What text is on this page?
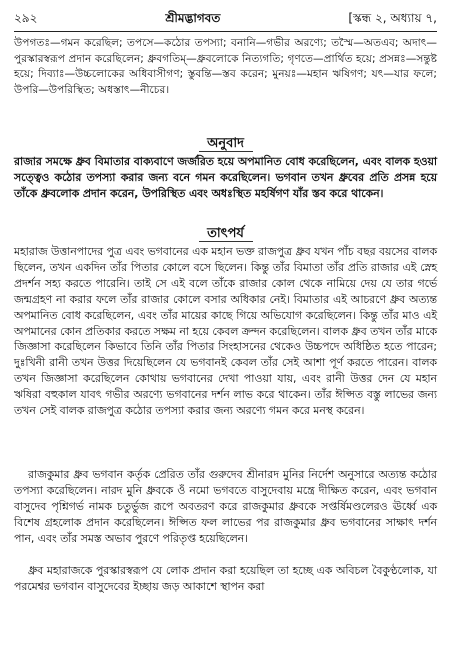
২৯২	শ্রীমদ্ভাগবত	[স্কন্ধ ২, অধ্যায় ৭,
উপগতঃ—গমন করেছিল; তপসে—কঠোর তপস্যা; বনানি—গভীর অরণ্যে; তস্মৈ—অতএব; অদাৎ—পুরস্কারস্বরূপ প্রদান করেছিলেন; ধ্রুবগতিম্—ধ্রুবলোকে নিত্যগতি; গৃণতে—প্রার্থিত হয়ে; প্রসন্নঃ—সন্তুষ্ট হয়ে; দিব্যাঃ—উচ্চলোকের অধিবাসীগণ; স্তুবন্তি—স্তব করেন; মুনয়ঃ—মহান ঋষিগণ; যৎ—যার ফলে; উপরি—উপরিস্থিত; অধস্তাৎ—নীচের।
অনুবাদ
রাজার সমক্ষে ধ্রুব বিমাতার বাক্যবাণে জর্জরিত হয়ে অপমানিত বোধ করেছিলেন, এবং বালক হওয়া সত্ত্বেও কঠোর তপস্যা করার জন্য বনে গমন করেছিলেন। ভগবান তখন ধ্রুবের প্রতি প্রসন্ন হয়ে তাঁকে ধ্রুবলোক প্রদান করেন, উপরিস্থিত এবং অধঃস্থিত মহর্ষিগণ যাঁর স্তব করে থাকেন।
তাৎপর্য

মহারাজ উত্তানপাদের পুত্র এবং ভগবানের এক মহান ভক্ত রাজপুত্র ধ্রুব যখন পাঁচ বছর বয়সের বালক ছিলেন, তখন একদিন তাঁর পিতার কোলে বসে ছিলেন। কিন্তু তাঁর বিমাতা তাঁর প্রতি রাজার এই স্নেহ প্রদর্শন সহ্য করতে পারেনি। তাই সে এই বলে তাঁকে রাজার কোল থেকে নামিয়ে দেয় যে তার গর্ভে জন্মগ্রহণ না করার ফলে তাঁর রাজার কোলে বসার অধিকার নেই। বিমাতার এই আচরণে ধ্রুব অত্যন্ত অপমানিত বোধ করেছিলেন, এবং তাঁর মায়ের কাছে গিয়ে অভিযোগ করেছিলেন। কিন্তু তাঁর মাও এই অপমানের কোন প্রতিকার করতে সক্ষম না হয়ে কেবল ক্রন্দন করেছিলেন। বালক ধ্রুব তখন তাঁর মাকে জিজ্ঞাসা করেছিলেন কিভাবে তিনি তাঁর পিতার সিংহাসনের থেকেও উচ্চপদে অধিষ্ঠিত হতে পারেন; দুঃখিনী রানী তখন উত্তর দিয়েছিলেন যে ভগবানই কেবল তাঁর সেই আশা পূর্ণ করতে পারেন। বালক তখন জিজ্ঞাসা করেছিলেন কোথায় ভগবানের দেখা পাওয়া যায়, এবং রানী উত্তর দেন যে মহান ঋষিরা বহুকাল যাবৎ গভীর অরণ্যে ভগবানের দর্শন লাভ করে থাকেন। তাঁর ঈপ্সিত বস্তু লাভের জন্য তখন সেই বালক রাজপুত্র কঠোর তপস্যা করার জন্য অরণ্যে গমন করে মনস্থ করেন।

রাজকুমার ধ্রুব ভগবান কর্তৃক প্রেরিত তাঁর গুরুদেব শ্রীনারদ মুনির নির্দেশ অনুসারে অত্যন্ত কঠোর তপস্যা করেছিলেন। নারদ মুনি ধ্রুবকে ওঁ নমো ভগবতে বাসুদেবায় মন্ত্রে দীক্ষিত করেন, এবং ভগবান বাসুদেব পৃশ্নিগর্ভ নামক চতুর্ভুজ রূপে অবতরণ করে রাজকুমার ধ্রুবকে সপ্তর্ষিমণ্ডলেরও ঊর্ধ্বে এক বিশেষ গ্রহলোক প্রদান করেছিলেন। ঈপ্সিত ফল লাভের পর রাজকুমার ধ্রুব ভগবানের সাক্ষাৎ দর্শন পান, এবং তাঁর সমস্ত অভাব পুরণে পরিতৃপ্ত হয়েছিলেন।

ধ্রুব মহারাজকে পুরস্কারস্বরূপ যে লোক প্রদান করা হয়েছিল তা হচ্ছে এক অবিচল বৈকুণ্ঠলোক, যা পরমেশ্বর ভগবান বাসুদেবের ইচ্ছায় জড় আকাশে স্থাপন করা
